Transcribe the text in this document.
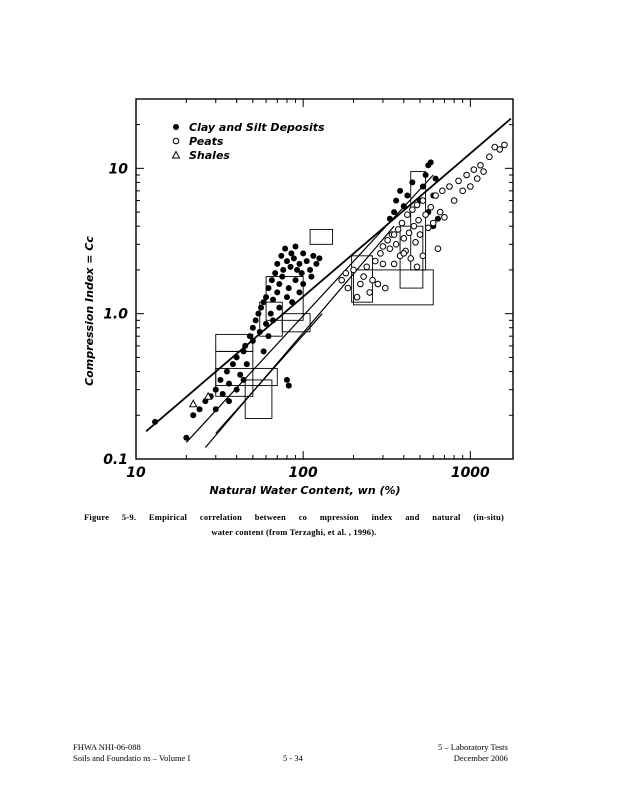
10	100	1000
0.1
1.0
10
Clay and Silt Deposits
Peats
Shales
Natural Water Content, wn (%)
Compression Index = Cc
Figure 5-9. Empirical correlation between co mpression index and natural (in-situ)
water content (from Terzaghi, et al. , 1996).
FHWA NHI-06-088
Soils and Foundatio ns – Volume I	5 - 34
5 – Laboratory Tests
December 2006
